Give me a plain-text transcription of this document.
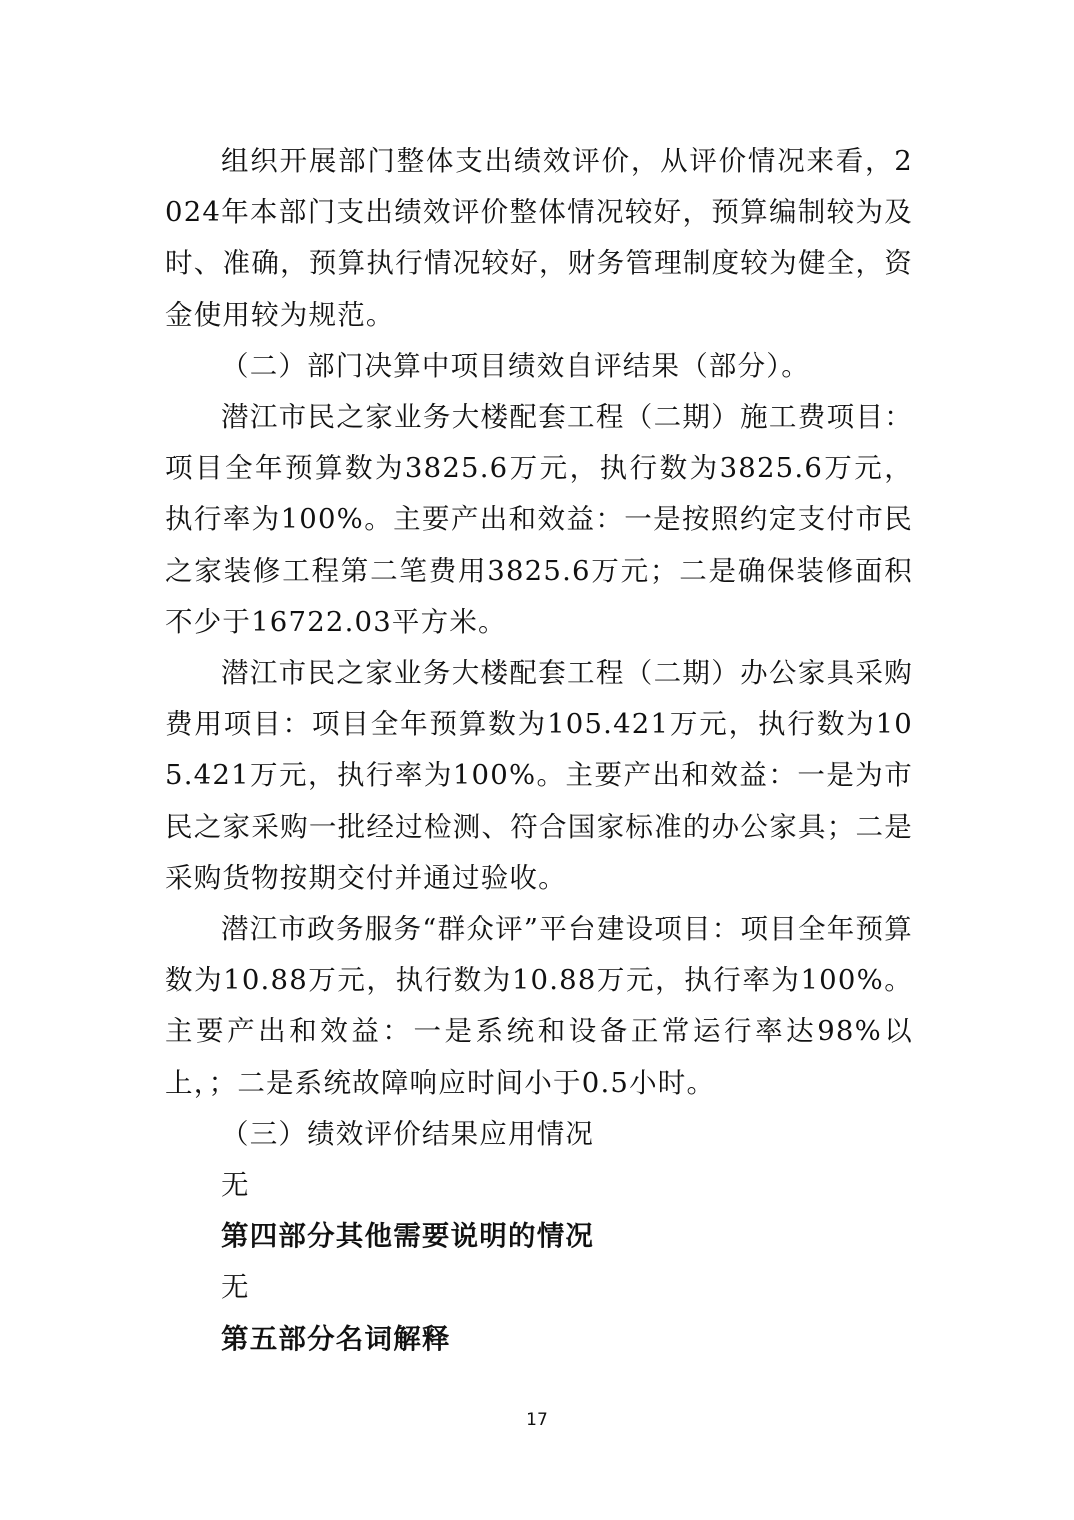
组织开展部门整体支出绩效评价，从评价情况来看，2024年本部门支出绩效评价整体情况较好，预算编制较为及时、准确，预算执行情况较好，财务管理制度较为健全，资金使用较为规范。

（二）部门决算中项目绩效自评结果（部分）。

潜江市民之家业务大楼配套工程（二期）施工费项目：项目全年预算数为3825.6万元，执行数为3825.6万元，执行率为100%。主要产出和效益：一是按照约定支付市民之家装修工程第二笔费用3825.6万元；二是确保装修面积不少于16722.03平方米。

潜江市民之家业务大楼配套工程（二期）办公家具采购费用项目：项目全年预算数为105.421万元，执行数为105.421万元，执行率为100%。主要产出和效益：一是为市民之家采购一批经过检测、符合国家标准的办公家具；二是采购货物按期交付并通过验收。

潜江市政务服务“群众评”平台建设项目：项目全年预算数为10.88万元，执行数为10.88万元，执行率为100%。主要产出和效益：一是系统和设备正常运行率达98%以上，；二是系统故障响应时间小于0.5小时。

（三）绩效评价结果应用情况

无

第四部分其他需要说明的情况

无

第五部分名词解释

17
